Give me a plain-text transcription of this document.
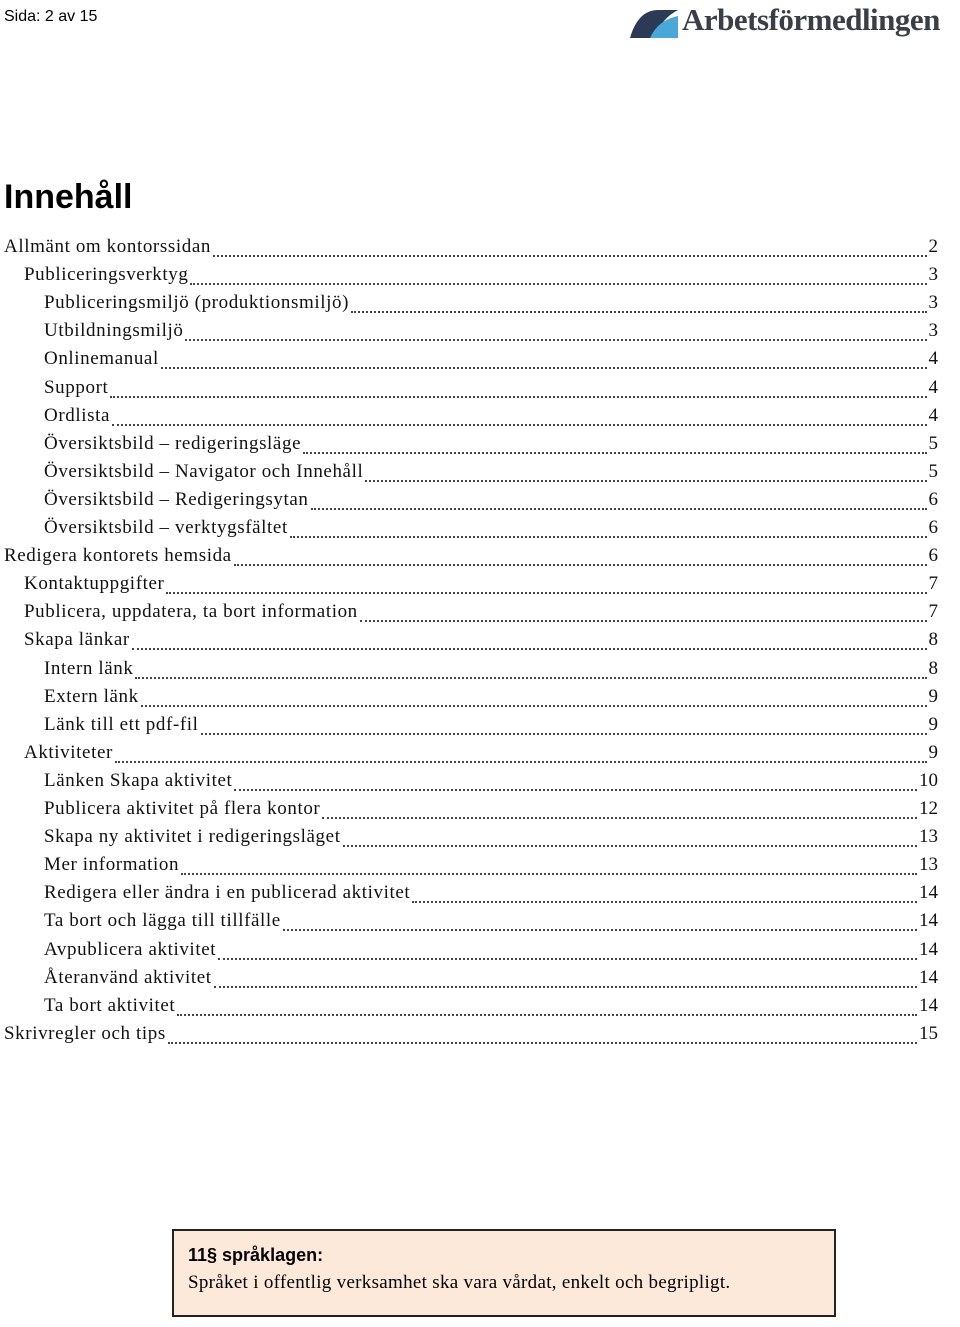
Sida: 2 av 15	Arbetsförmedlingen
Innehåll
Allmänt om kontorssidan	2
Publiceringsverktyg	3
Publiceringsmiljö (produktionsmiljö)	3
Utbildningsmiljö	3
Onlinemanual	4
Support	4
Ordlista	4
Översiktsbild – redigeringsläge	5
Översiktsbild – Navigator och Innehåll	5
Översiktsbild – Redigeringsytan	6
Översiktsbild – verktygsfältet	6
Redigera kontorets hemsida	6
Kontaktuppgifter	7
Publicera, uppdatera, ta bort information	7
Skapa länkar	8
Intern länk	8
Extern länk	9
Länk till ett pdf-fil	9
Aktiviteter	9
Länken Skapa aktivitet	10
Publicera aktivitet på flera kontor	12
Skapa ny aktivitet i redigeringsläget	13
Mer information	13
Redigera eller ändra i en publicerad aktivitet	14
Ta bort och lägga till tillfälle	14
Avpublicera aktivitet	14
Återanvänd aktivitet	14
Ta bort aktivitet	14
Skrivregler och tips	15
11§ språklagen:
Språket i offentlig verksamhet ska vara vårdat, enkelt och begripligt.
